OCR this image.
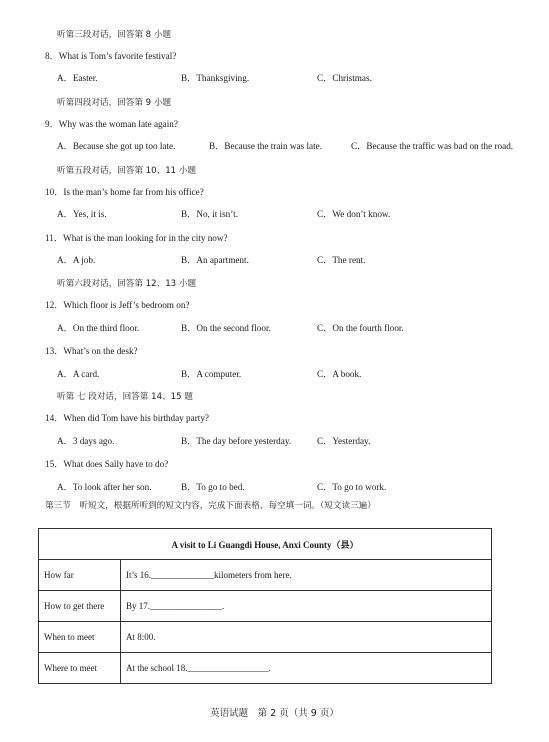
听第三段对话，回答第 8 小题
8．What is Tom’s favorite festival?
A．Easter.	B．Thanksgiving.	C．Christmas.
听第四段对话，回答第 9 小题
9．Why was the woman late again?
A．Because she got up too late.	B．Because the train was late.	C．Because the traffic was bad on the road.
听第五段对话，回答第 10、11 小题
10．Is the man’s home far from his office?
A．Yes, it is.	B．No, it isn’t.	C．We don’t know.
11．What is the man looking for in the city now?
A．A job.	B．An apartment.	C．The rent.
听第六段对话，回答第 12、13 小题
12．Which floor is Jeff’s bedroom on?
A．On the third floor.	B．On the second floor.	C．On the fourth floor.
13．What’s on the desk?
A．A card.	B．A computer.	C．A book.
听第 七 段对话，回答第 14、15 题
14．When did Tom have his birthday party?
A．3 days ago.	B．The day before yesterday.	C．Yesterday.
15．What does Sally have to do?
A．To look after her son.	B．To go to bed.	C．To go to work.
第三节　听短文，根据所听到的短文内容，完成下面表格，每空填一词。（短文读三遍）
A visit to Li Guangdi House, Anxi County（县）	
How far	It’s 16.______________kilometers from here.
How to get there	By 17.________________.
When to meet	At 8:00.
Where to meet	At the school 18.__________________.
英语试题　第 2 页（共 9 页）
